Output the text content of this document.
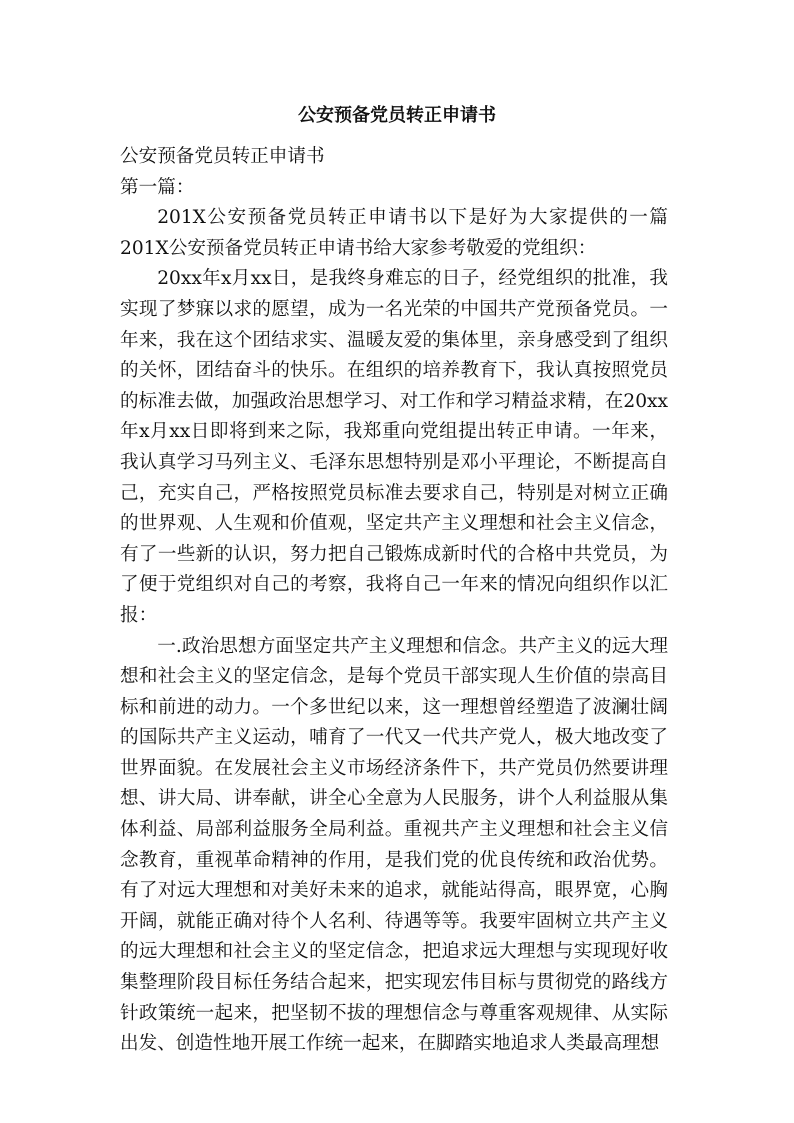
公安预备党员转正申请书

公安预备党员转正申请书

第一篇：

201X公安预备党员转正申请书以下是好为大家提供的一篇201X公安预备党员转正申请书给大家参考敬爱的党组织：

20xx年x月xx日，是我终身难忘的日子，经党组织的批准，我实现了梦寐以求的愿望，成为一名光荣的中国共产党预备党员。一年来，我在这个团结求实、温暖友爱的集体里，亲身感受到了组织的关怀，团结奋斗的快乐。在组织的培养教育下，我认真按照党员的标准去做，加强政治思想学习、对工作和学习精益求精，在20xx年x月xx日即将到来之际，我郑重向党组提出转正申请。一年来，我认真学习马列主义、毛泽东思想特别是邓小平理论，不断提高自己，充实自己，严格按照党员标准去要求自己，特别是对树立正确的世界观、人生观和价值观，坚定共产主义理想和社会主义信念，有了一些新的认识，努力把自己锻炼成新时代的合格中共党员，为了便于党组织对自己的考察，我将自己一年来的情况向组织作以汇报：

一.政治思想方面坚定共产主义理想和信念。共产主义的远大理想和社会主义的坚定信念，是每个党员干部实现人生价值的崇高目标和前进的动力。一个多世纪以来，这一理想曾经塑造了波澜壮阔的国际共产主义运动，哺育了一代又一代共产党人，极大地改变了世界面貌。在发展社会主义市场经济条件下，共产党员仍然要讲理想、讲大局、讲奉献，讲全心全意为人民服务，讲个人利益服从集体利益、局部利益服务全局利益。重视共产主义理想和社会主义信念教育，重视革命精神的作用，是我们党的优良传统和政治优势。有了对远大理想和对美好未来的追求，就能站得高，眼界宽，心胸开阔，就能正确对待个人名利、待遇等等。我要牢固树立共产主义的远大理想和社会主义的坚定信念，把追求远大理想与实现现好收集整理阶段目标任务结合起来，把实现宏伟目标与贯彻党的路线方针政策统一起来，把坚韧不拔的理想信念与尊重客观规律、从实际出发、创造性地开展工作统一起来，在脚踏实地追求人类最高理想
